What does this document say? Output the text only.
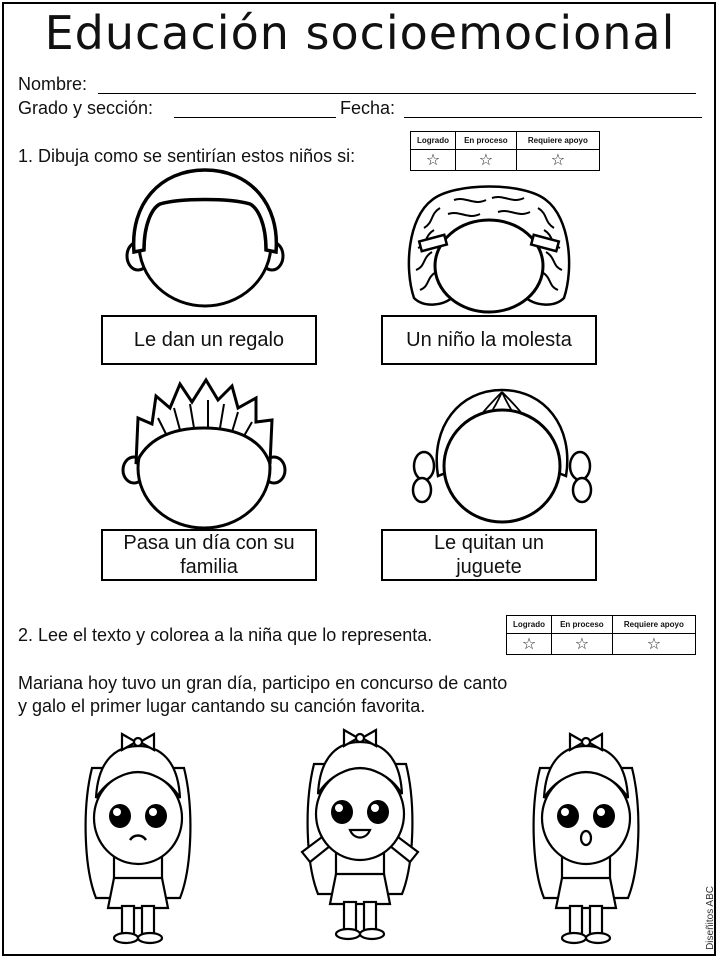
Educación socioemocional
Nombre:
Grado y sección:	Fecha:
1. Dibuja como se sentirían estos niños si:
Logrado	En proceso	Requiere apoyo
☆	☆	☆
Le dan un regalo	Un niño la molesta
Pasa un día con su familia
Le quitan un juguete
2. Lee el texto y colorea a la niña que lo representa.
Logrado	En proceso	Requiere apoyo
☆	☆	☆
Mariana hoy tuvo un gran día, participo en concurso de canto
y galo el primer lugar cantando su canción favorita.
Diseñitos ABC
